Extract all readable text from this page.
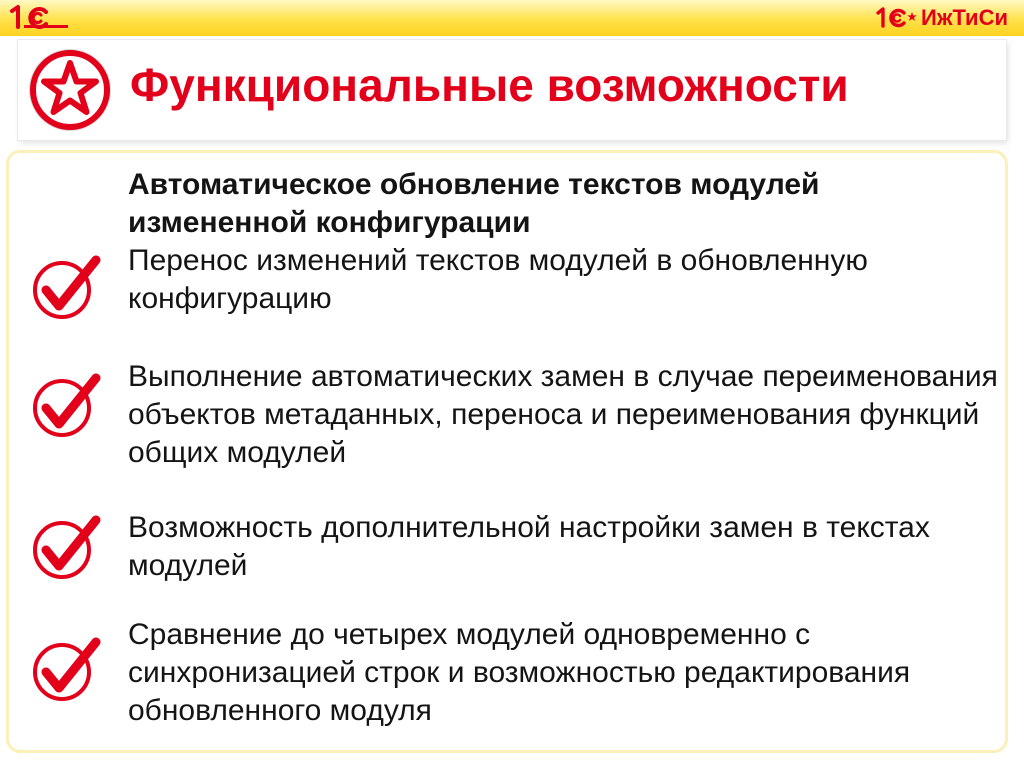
ИжТиСи
Функциональные возможности

Автоматическое обновление текстов модулей измененной конфигурации

Перенос изменений текстов модулей в обновленную конфигурацию

Выполнение автоматических замен в случае переименования объектов метаданных, переноса и переименования функций общих модулей

Возможность дополнительной настройки замен в текстах модулей

Сравнение до четырех модулей одновременно с синхронизацией строк и возможностью редактирования обновленного модуля
